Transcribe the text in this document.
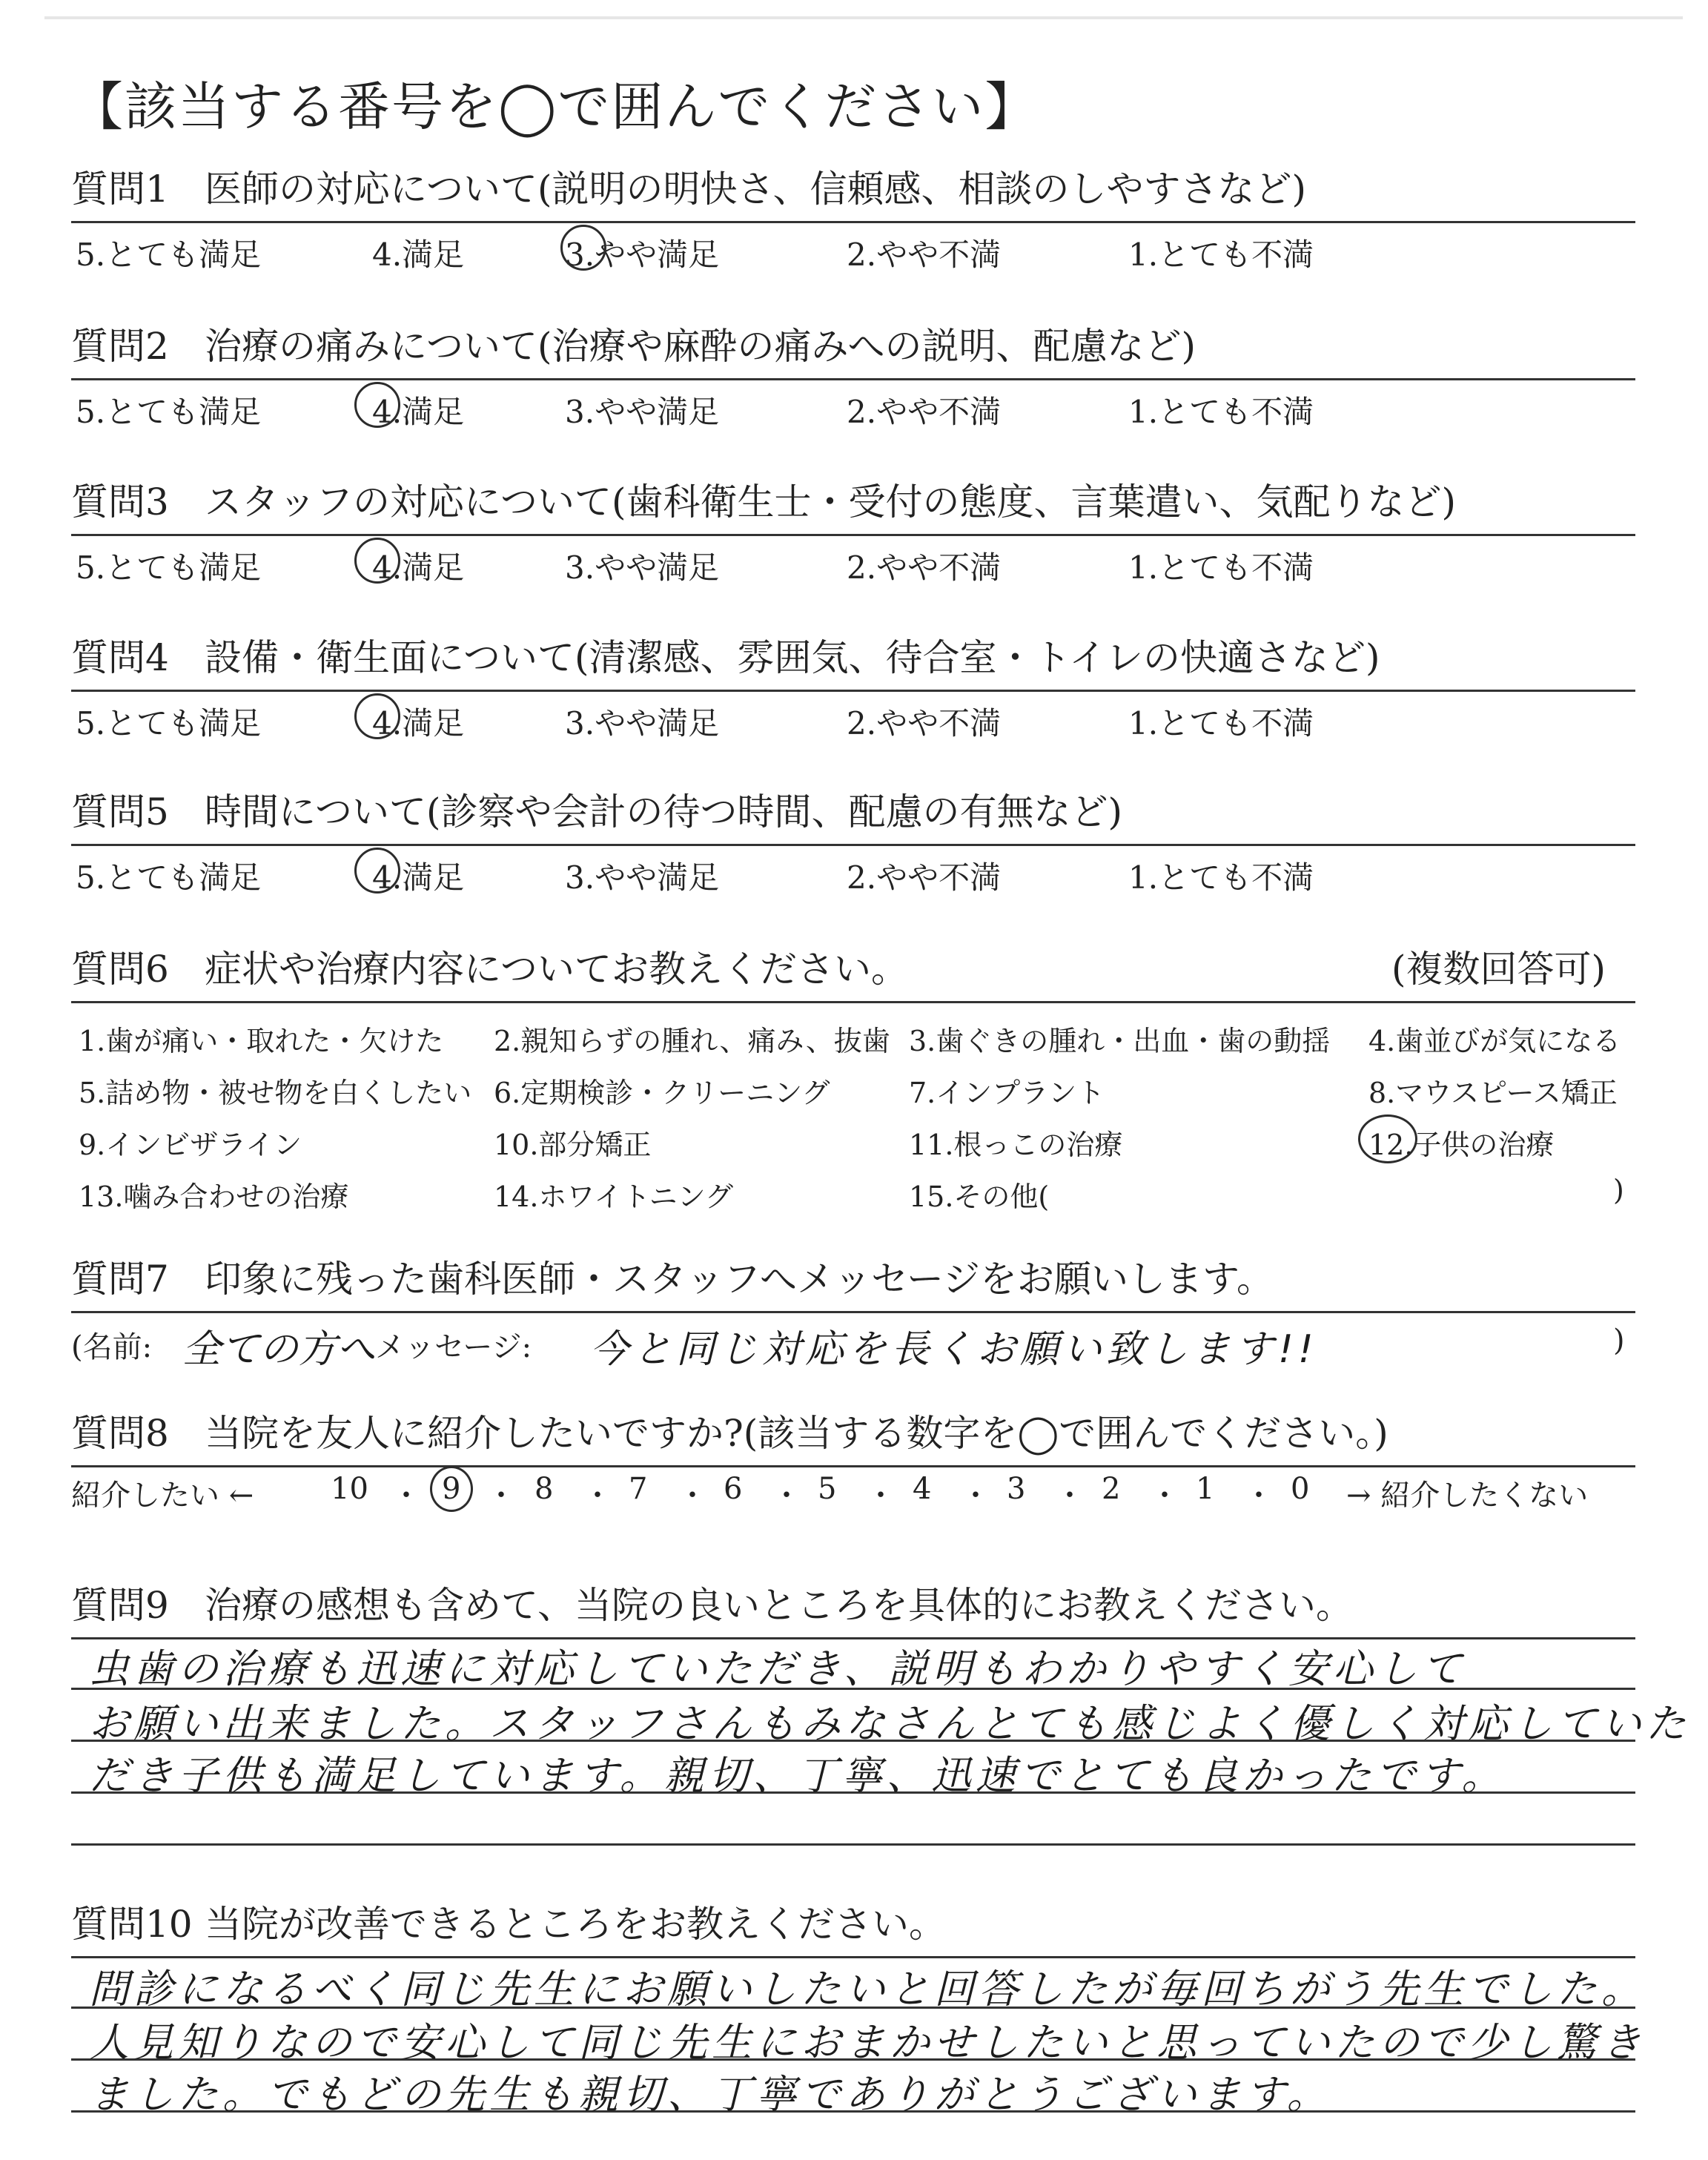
【該当する番号を◯で囲んでください】
質問1 医師の対応について(説明の明快さ、信頼感、相談のしやすさなど)
5.とても満足	4.満足	3.やや満足	2.やや不満	1.とても不満
質問2 治療の痛みについて(治療や麻酔の痛みへの説明、配慮など)
5.とても満足	4.満足	3.やや満足	2.やや不満	1.とても不満
質問3 スタッフの対応について(歯科衛生士・受付の態度、言葉遣い、気配りなど)
5.とても満足	4.満足	3.やや満足	2.やや不満	1.とても不満
質問4 設備・衛生面について(清潔感、雰囲気、待合室・トイレの快適さなど)
5.とても満足	4.満足	3.やや満足	2.やや不満	1.とても不満
質問5 時間について(診察や会計の待つ時間、配慮の有無など)
5.とても満足	4.満足	3.やや満足	2.やや不満	1.とても不満
質問6 症状や治療内容についてお教えください。	(複数回答可)
1.歯が痛い・取れた・欠けた 2.親知らずの腫れ、痛み、抜歯 3.歯ぐきの腫れ・出血・歯の動揺 4.歯並びが気になる
5.詰め物・被せ物を白くしたい 6.定期検診・クリーニング	7.インプラント	8.マウスピース矯正
9.インビザライン	10.部分矯正	11.根っこの治療	12.子供の治療
13.噛み合わせの治療	14.ホワイトニング	15.その他(	)
質問7 印象に残った歯科医師・スタッフへメッセージをお願いします。
(名前: 全ての方へ メッセージ: 今と同じ対応を長くお願い致します!!	)
質問8 当院を友人に紹介したいですか?(該当する数字を◯で囲んでください。)
紹介したい ←	10 ・ 9 ・ 8 ・ 7 ・ 6 ・ 5 ・ 4 ・ 3 ・ 2 ・ 1 ・ 0 → 紹介したくない
質問9 治療の感想も含めて、当院の良いところを具体的にお教えください。
虫歯の治療も迅速に対応していただき、説明もわかりやすく安心して
お願い出来ました。スタッフさんもみなさんとても感じよく優しく対応していた
だき子供も満足しています。親切、丁寧、迅速でとても良かったです。
質問10 当院が改善できるところをお教えください。
問診になるべく同じ先生にお願いしたいと回答したが毎回ちがう先生でした。
人見知りなので安心して同じ先生におまかせしたいと思っていたので少し驚き
ました。でもどの先生も親切、丁寧でありがとうございます。
